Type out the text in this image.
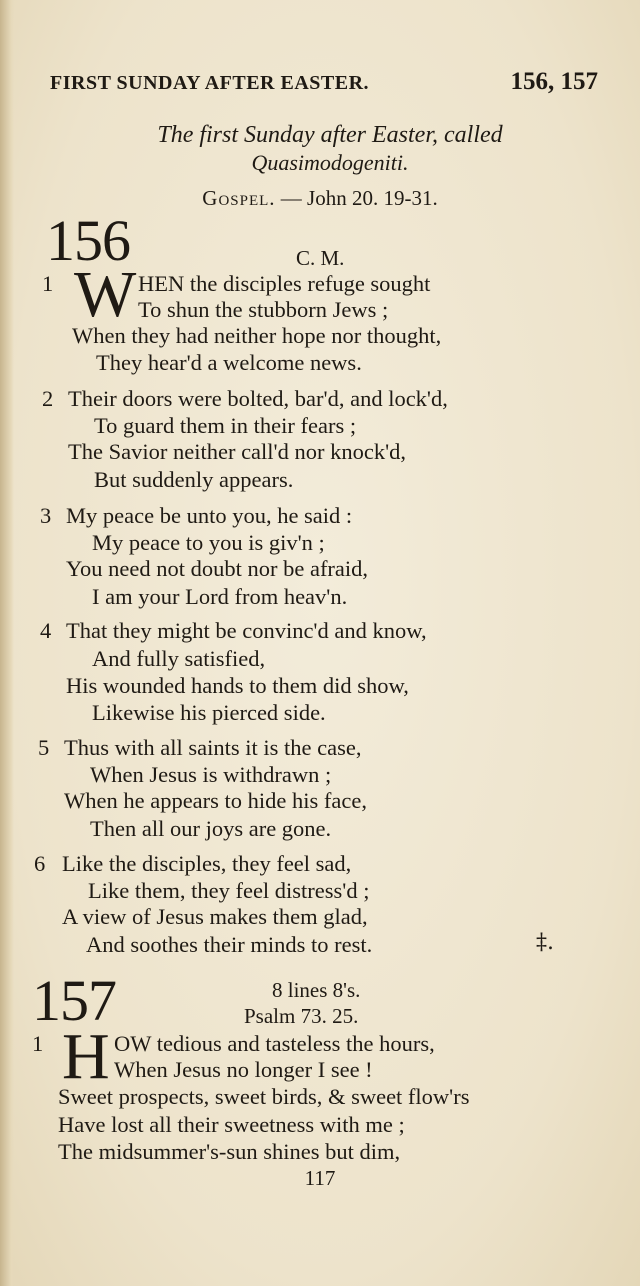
FIRST SUNDAY AFTER EASTER.	156, 157
The first Sunday after Easter, called
Quasimodogeniti.
Gospel. — John 20. 19-31.
156	C. M.
1 W HEN the disciples refuge sought
To shun the stubborn Jews ;
When they had neither hope nor thought,
They hear'd a welcome news.
2 Their doors were bolted, bar'd, and lock'd,
To guard them in their fears ;
The Savior neither call'd nor knock'd,
But suddenly appears.
3 My peace be unto you, he said :
My peace to you is giv'n ;
You need not doubt nor be afraid,
I am your Lord from heav'n.
4 That they might be convinc'd and know,
And fully satisfied,
His wounded hands to them did show,
Likewise his pierced side.
5 Thus with all saints it is the case,
When Jesus is withdrawn ;
When he appears to hide his face,
Then all our joys are gone.
6 Like the disciples, they feel sad,
Like them, they feel distress'd ;
A view of Jesus makes them glad,
And soothes their minds to rest.	‡.
157	8 lines 8's.
Psalm 73. 25.
1 H OW tedious and tasteless the hours,
When Jesus no longer I see !
Sweet prospects, sweet birds, & sweet flow'rs
Have lost all their sweetness with me ;
The midsummer's-sun shines but dim,
117
